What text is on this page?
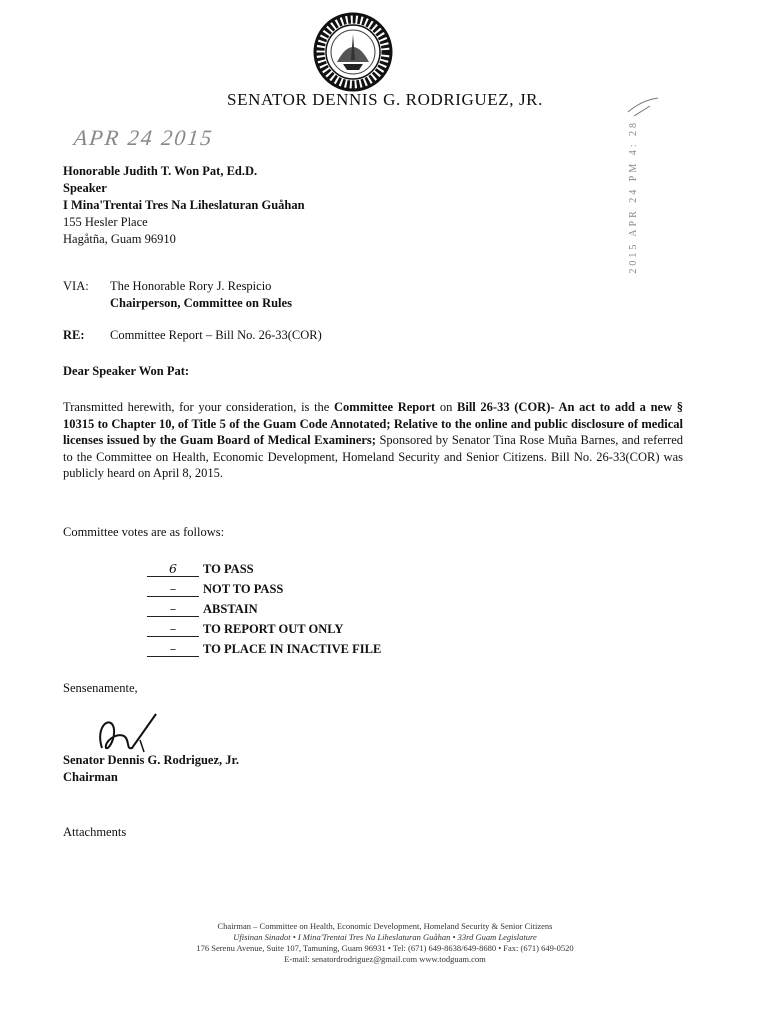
SENATOR DENNIS G. RODRIGUEZ, JR.
APR 24 2015	2015 APR 24 PM 4: 28
Honorable Judith T. Won Pat, Ed.D.
Speaker
I Mina'Trentai Tres Na Liheslaturan Guåhan
155 Hesler Place
Hagåtña, Guam 96910
VIA: The Honorable Rory J. Respicio
Chairperson, Committee on Rules
RE: Committee Report – Bill No. 26-33(COR)
Dear Speaker Won Pat:
Transmitted herewith, for your consideration, is the Committee Report on Bill 26-33 (COR)- An act to add a new § 10315 to Chapter 10, of Title 5 of the Guam Code Annotated; Relative to the online and public disclosure of medical licenses issued by the Guam Board of Medical Examiners; Sponsored by Senator Tina Rose Muña Barnes, and referred to the Committee on Health, Economic Development, Homeland Security and Senior Citizens. Bill No. 26-33(COR) was publicly heard on April 8, 2015.
Committee votes are as follows:
6 TO PASS
– NOT TO PASS
– ABSTAIN
– TO REPORT OUT ONLY
– TO PLACE IN INACTIVE FILE
Sensenamente,
Senator Dennis G. Rodriguez, Jr.
Chairman
Attachments
Chairman – Committee on Health, Economic Development, Homeland Security & Senior Citizens
Ufisinan Sinadot • I Mina'Trentai Tres Na Liheslaturan Guåhan • 33rd Guam Legislature
176 Serenu Avenue, Suite 107, Tamuning, Guam 96931 • Tel: (671) 649-8638/649-8680 • Fax: (671) 649-0520
E-mail: senatordrodriguez@gmail.com www.todguam.com
